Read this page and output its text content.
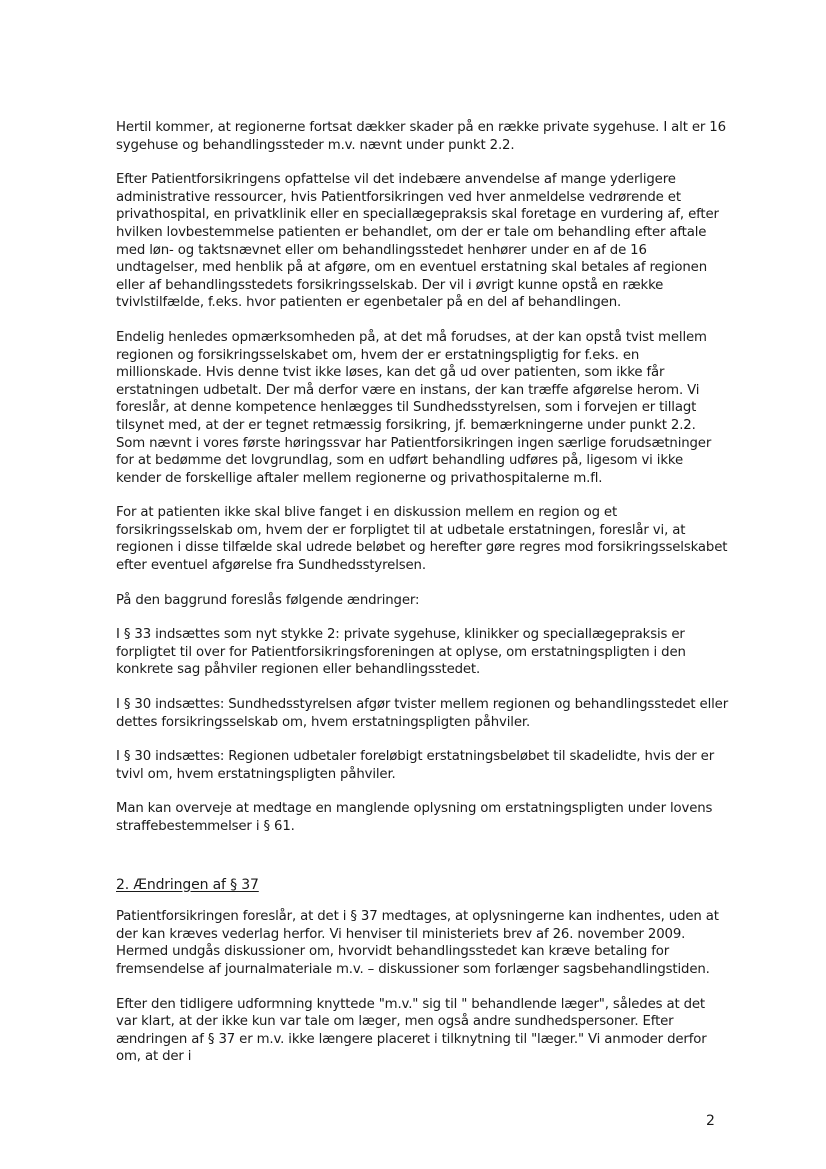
Hertil kommer, at regionerne fortsat dækker skader på en række private sygehuse. I alt er 16 sygehuse og behandlingssteder m.v. nævnt under punkt 2.2.

Efter Patientforsikringens opfattelse vil det indebære anvendelse af mange yderligere administrative ressourcer, hvis Patientforsikringen ved hver anmeldelse vedrørende et privathospital, en privatklinik eller en speciallægepraksis skal foretage en vurdering af, efter hvilken lovbestemmelse patienten er behandlet, om der er tale om behandling efter aftale med løn- og taktsnævnet eller om behandlingsstedet henhører under en af de 16 undtagelser, med henblik på at afgøre, om en eventuel erstatning skal betales af regionen eller af behandlingsstedets forsikringsselskab. Der vil i øvrigt kunne opstå en række tvivlstilfælde, f.eks. hvor patienten er egenbetaler på en del af behandlingen.

Endelig henledes opmærksomheden på, at det må forudses, at der kan opstå tvist mellem regionen og forsikringsselskabet om, hvem der er erstatningspligtig for f.eks. en millionskade. Hvis denne tvist ikke løses, kan det gå ud over patienten, som ikke får erstatningen udbetalt. Der må derfor være en instans, der kan træffe afgørelse herom. Vi foreslår, at denne kompetence henlægges til Sundhedsstyrelsen, som i forvejen er tillagt tilsynet med, at der er tegnet retmæssig forsikring, jf. bemærkningerne under punkt 2.2. Som nævnt i vores første høringssvar har Patientforsikringen ingen særlige forudsætninger for at bedømme det lovgrundlag, som en udført behandling udføres på, ligesom vi ikke kender de forskellige aftaler mellem regionerne og privathospitalerne m.fl.

For at patienten ikke skal blive fanget i en diskussion mellem en region og et forsikringsselskab om, hvem der er forpligtet til at udbetale erstatningen, foreslår vi, at regionen i disse tilfælde skal udrede beløbet og herefter gøre regres mod forsikringsselskabet efter eventuel afgørelse fra Sundhedsstyrelsen.

På den baggrund foreslås følgende ændringer:

I § 33 indsættes som nyt stykke 2: private sygehuse, klinikker og speciallægepraksis er forpligtet til over for Patientforsikringsforeningen at oplyse, om erstatningspligten i den konkrete sag påhviler regionen eller behandlingsstedet.

I § 30 indsættes: Sundhedsstyrelsen afgør tvister mellem regionen og behandlingsstedet eller dettes forsikringsselskab om, hvem erstatningspligten påhviler.

I § 30 indsættes: Regionen udbetaler foreløbigt erstatningsbeløbet til skadelidte, hvis der er tvivl om, hvem erstatningspligten påhviler.

Man kan overveje at medtage en manglende oplysning om erstatningspligten under lovens straffebestemmelser i § 61.

2. Ændringen af § 37

Patientforsikringen foreslår, at det i § 37 medtages, at oplysningerne kan indhentes, uden at der kan kræves vederlag herfor. Vi henviser til ministeriets brev af 26. november 2009. Hermed undgås diskussioner om, hvorvidt behandlingsstedet kan kræve betaling for fremsendelse af journalmateriale m.v. – diskussioner som forlænger sagsbehandlingstiden.

Efter den tidligere udformning knyttede "m.v." sig til " behandlende læger", således at det var klart, at der ikke kun var tale om læger, men også andre sundhedspersoner. Efter ændringen af § 37 er m.v. ikke længere placeret i tilknytning til "læger." Vi anmoder derfor om, at der i

2
